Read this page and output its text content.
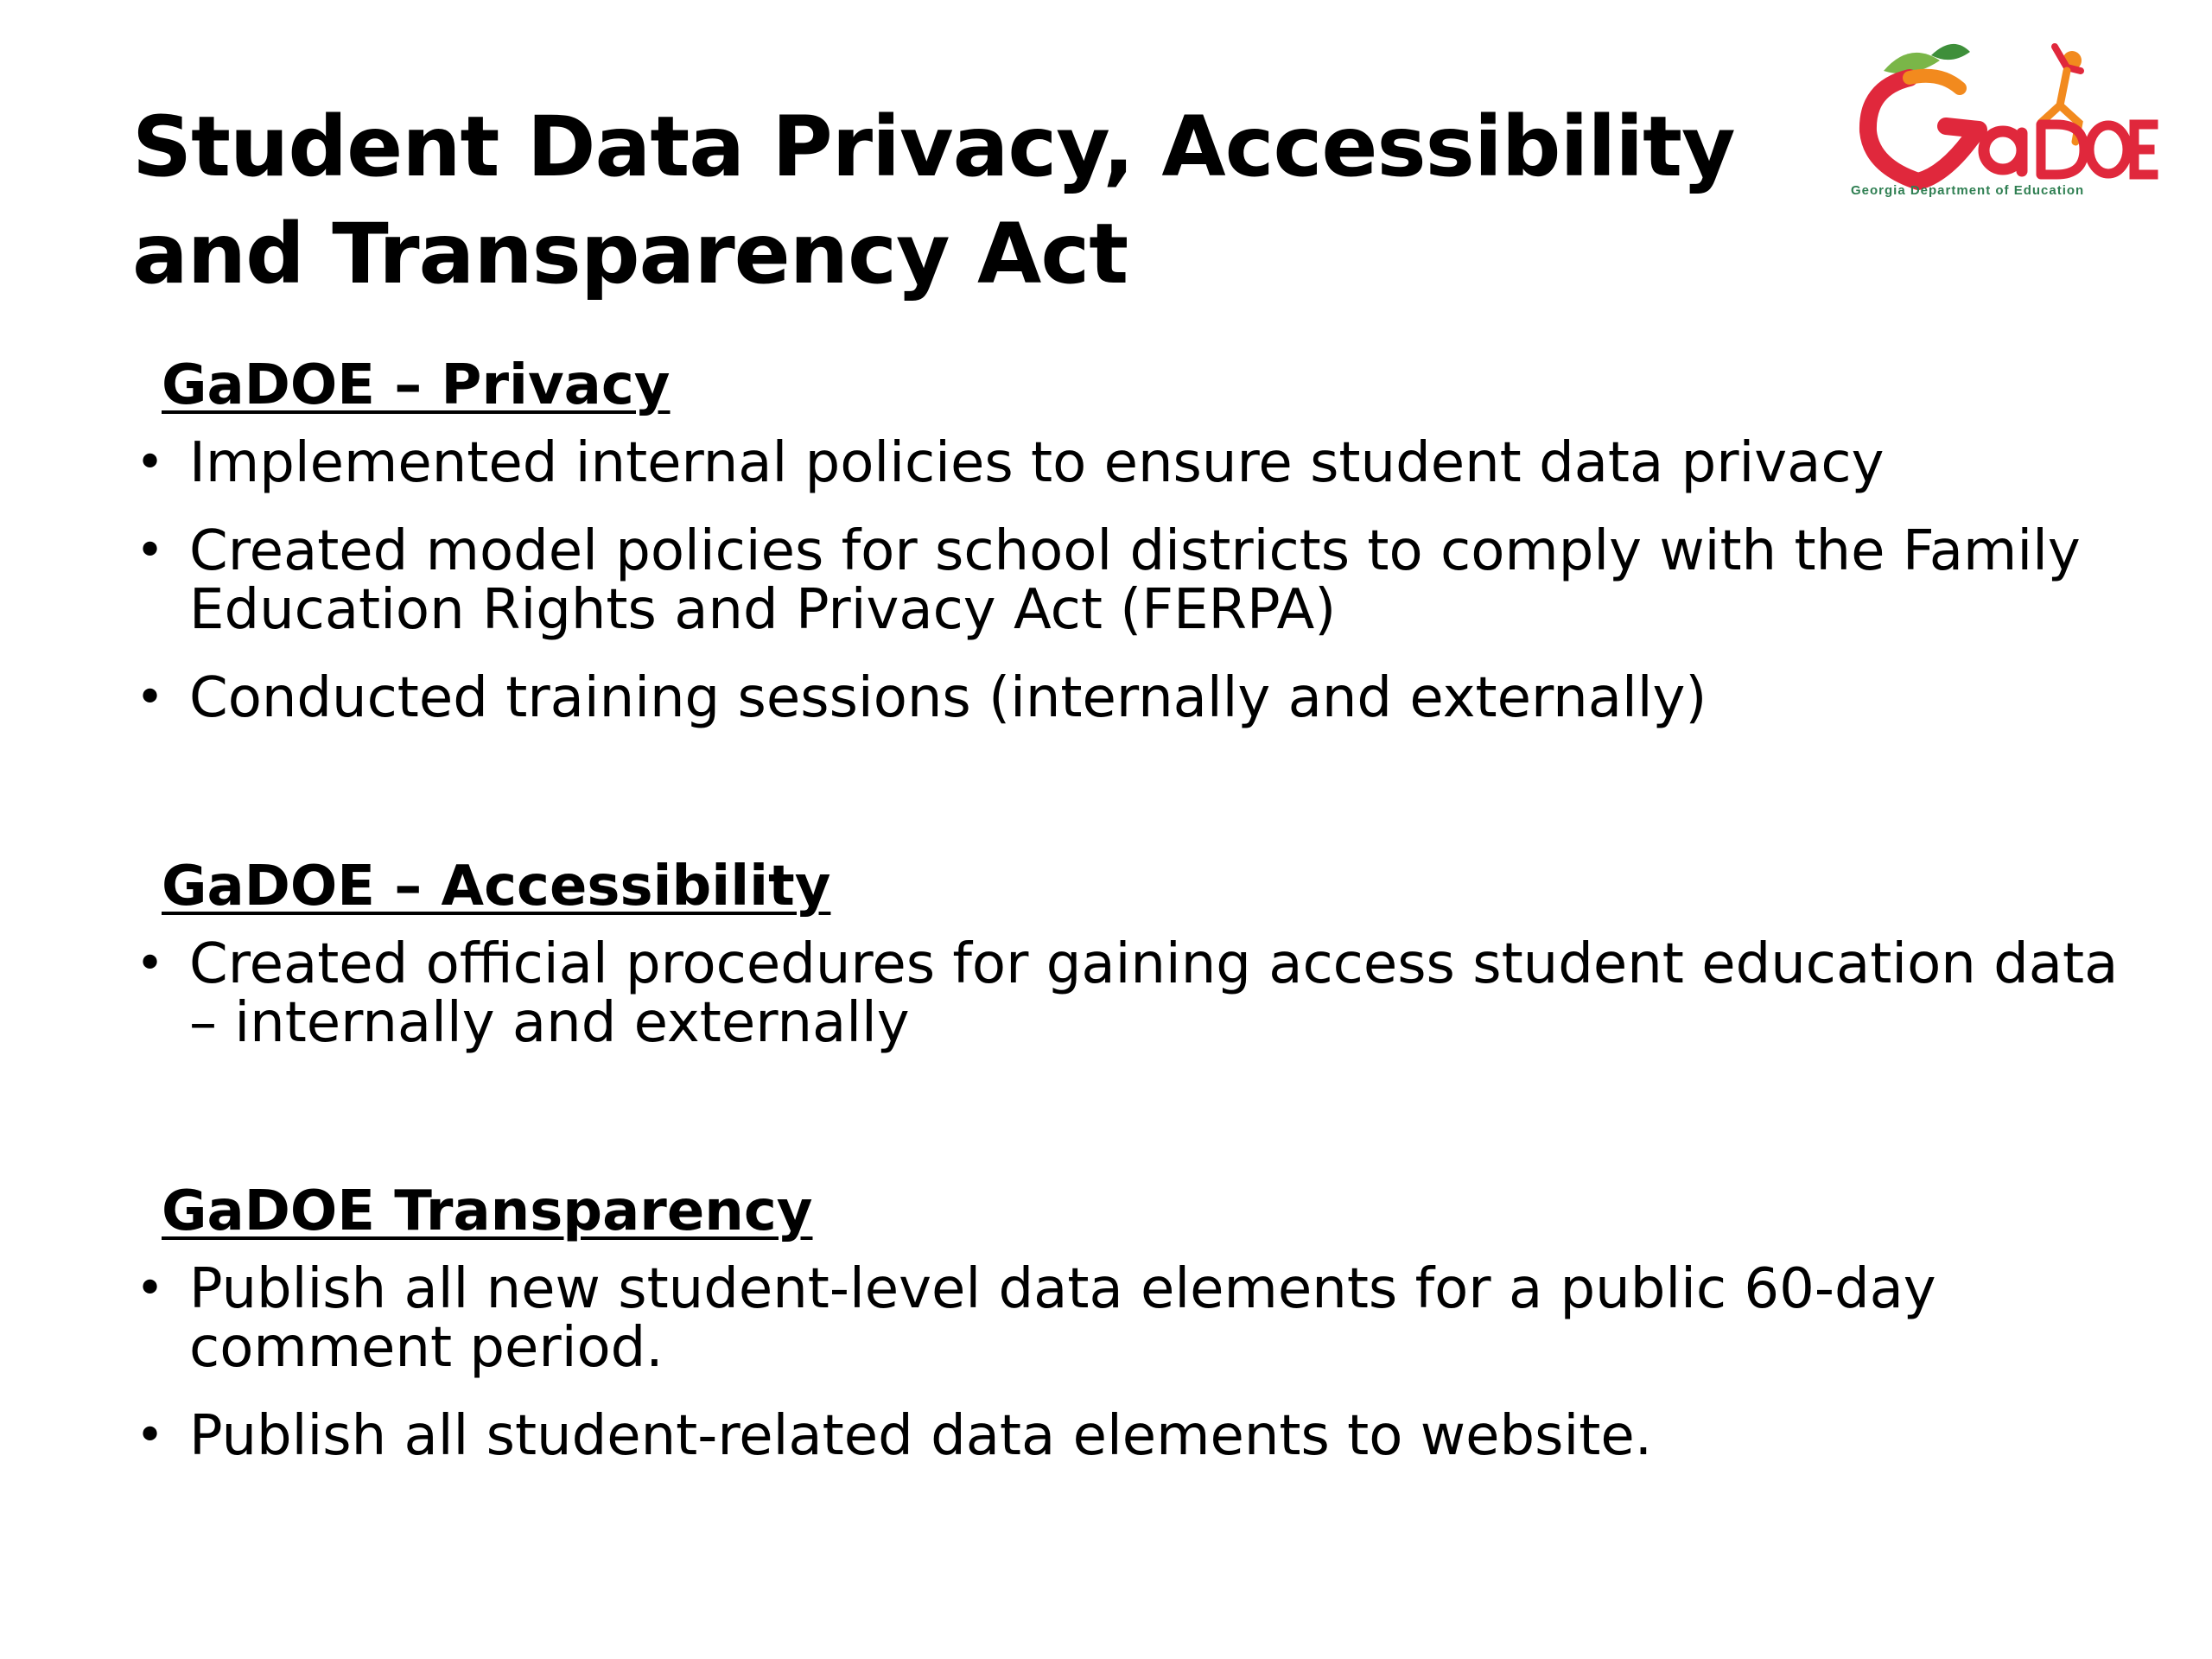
Student Data Privacy, Accessibility and Transparency Act
Georgia Department of Education
GaDOE – Privacy
• Implemented internal policies to ensure student data privacy
• Created model policies for school districts to comply with the Family Education Rights and Privacy Act (FERPA)
• Conducted training sessions (internally and externally)
GaDOE – Accessibility
• Created official procedures for gaining access student education data – internally and externally
GaDOE Transparency
• Publish all new student-level data elements for a public 60-day comment period.
• Publish all student-related data elements to website.
